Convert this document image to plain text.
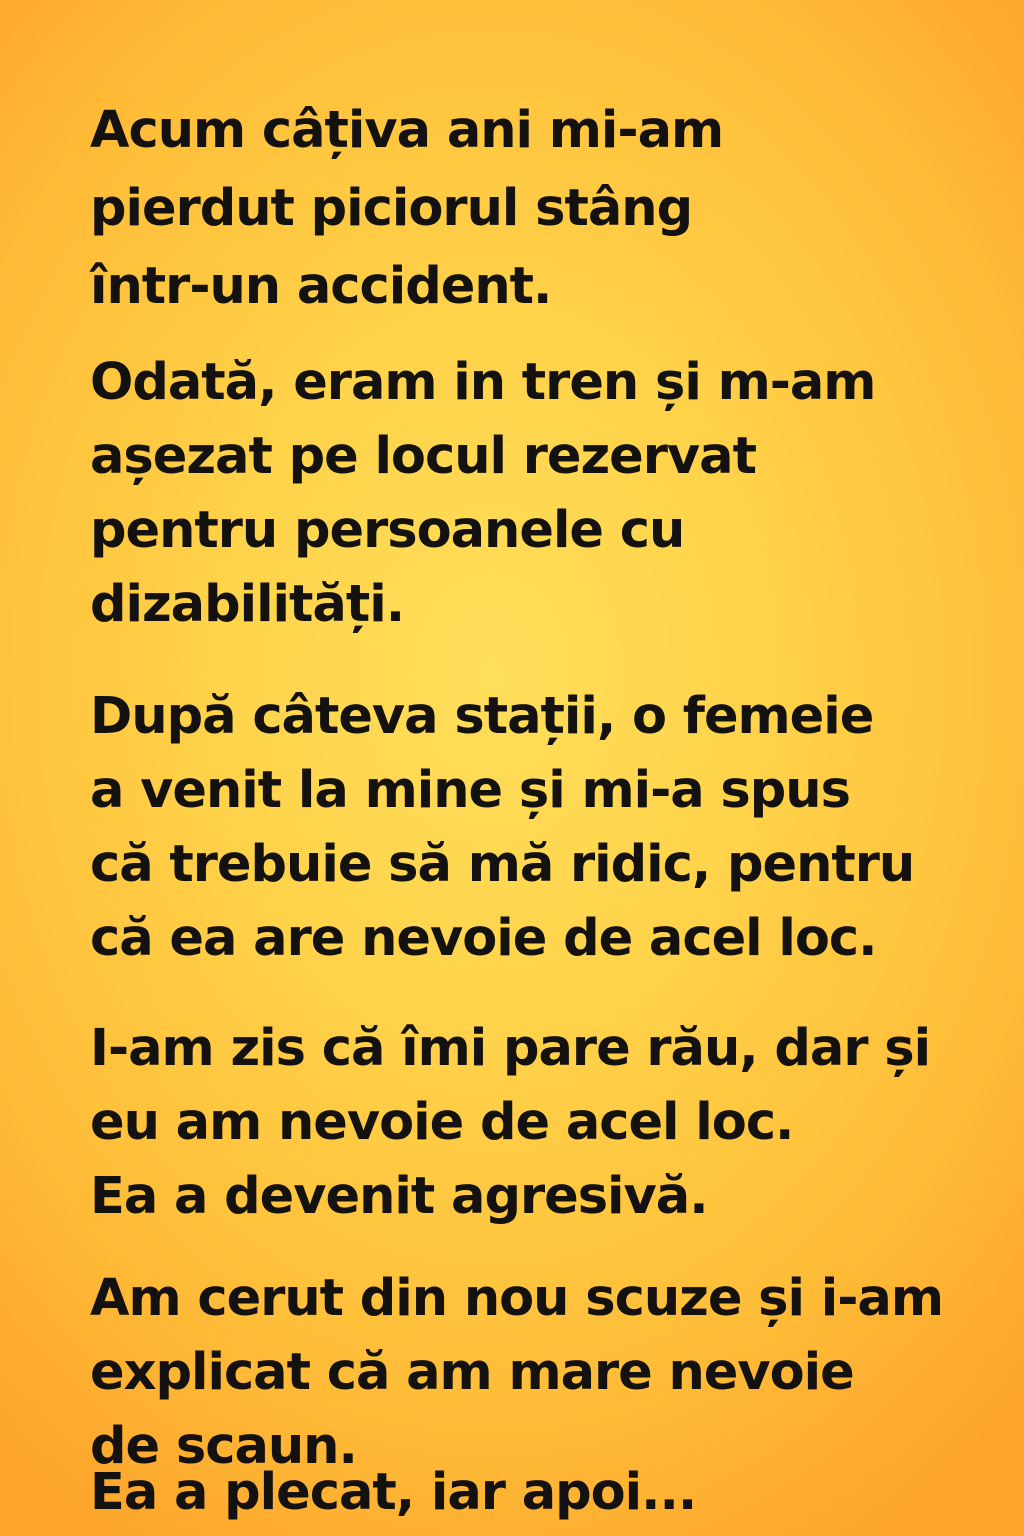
Acum câțiva ani mi-am
pierdut piciorul stâng
într-un accident.
Odată, eram in tren și m-am
așezat pe locul rezervat
pentru persoanele cu
dizabilități.
După câteva stații, o femeie
a venit la mine și mi-a spus
că trebuie să mă ridic, pentru
că ea are nevoie de acel loc.
I-am zis că îmi pare rău, dar și
eu am nevoie de acel loc.
Ea a devenit agresivă.
Am cerut din nou scuze și i-am
explicat că am mare nevoie
de scaun.
Ea a plecat, iar apoi...
